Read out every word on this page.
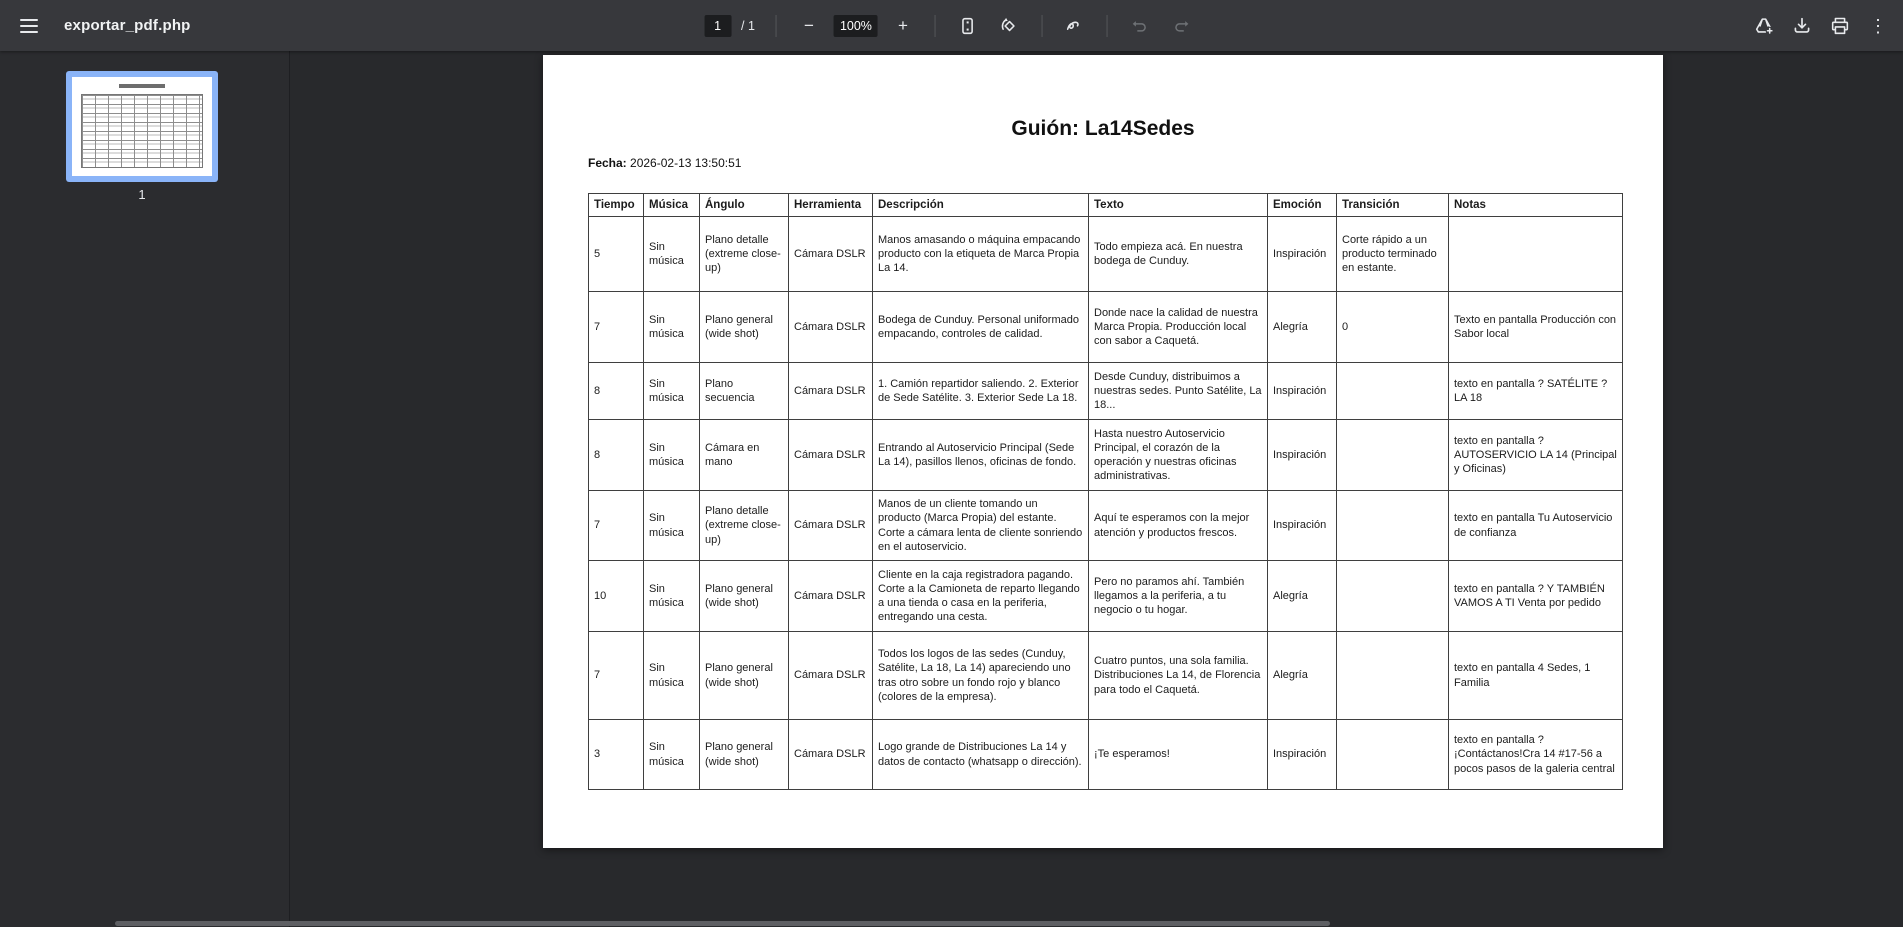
exportar_pdf.php
1	/ 1	−	100%	+	⋮
1
Guión: La14Sedes
Fecha: 2026-02-13 13:50:51
Tiempo	Música	Ángulo	Herramienta	Descripción	Texto	Emoción	Transición	Notas
5	Sin música	Plano detalle (extreme close-up)	Cámara DSLR	Manos amasando o máquina empacando producto con la etiqueta de Marca Propia La 14.	Todo empieza acá. En nuestra bodega de Cunduy.	Inspiración	Corte rápido a un producto terminado en estante.	
7	Sin música	Plano general (wide shot)	Cámara DSLR	Bodega de Cunduy. Personal uniformado empacando, controles de calidad.	Donde nace la calidad de nuestra Marca Propia. Producción local con sabor a Caquetá.	Alegría	0	Texto en pantalla Producción con Sabor local
8	Sin música	Plano secuencia	Cámara DSLR	1. Camión repartidor saliendo. 2. Exterior de Sede Satélite. 3. Exterior Sede La 18.	Desde Cunduy, distribuimos a nuestras sedes. Punto Satélite, La 18...	Inspiración		texto en pantalla ? SATÉLITE ? LA 18
8	Sin música	Cámara en mano	Cámara DSLR	Entrando al Autoservicio Principal (Sede La 14), pasillos llenos, oficinas de fondo.	Hasta nuestro Autoservicio Principal, el corazón de la operación y nuestras oficinas administrativas.	Inspiración		texto en pantalla ? AUTOSERVICIO LA 14 (Principal y Oficinas)
7	Sin música	Plano detalle (extreme close-up)	Cámara DSLR	Manos de un cliente tomando un producto (Marca Propia) del estante. Corte a cámara lenta de cliente sonriendo en el autoservicio.	Aquí te esperamos con la mejor atención y productos frescos.	Inspiración		texto en pantalla Tu Autoservicio de confianza
10	Sin música	Plano general (wide shot)	Cámara DSLR	Cliente en la caja registradora pagando. Corte a la Camioneta de reparto llegando a una tienda o casa en la periferia, entregando una cesta.	Pero no paramos ahí. También llegamos a la periferia, a tu negocio o tu hogar.	Alegría		texto en pantalla ? Y TAMBIÉN VAMOS A TI Venta por pedido
7	Sin música	Plano general (wide shot)	Cámara DSLR	Todos los logos de las sedes (Cunduy, Satélite, La 18, La 14) apareciendo uno tras otro sobre un fondo rojo y blanco (colores de la empresa).	Cuatro puntos, una sola familia. Distribuciones La 14, de Florencia para todo el Caquetá.	Alegría		texto en pantalla 4 Sedes, 1 Familia
3	Sin música	Plano general (wide shot)	Cámara DSLR	Logo grande de Distribuciones La 14 y datos de contacto (whatsapp o dirección).	¡Te esperamos!	Inspiración		texto en pantalla ? ¡Contáctanos!Cra 14 #17-56 a pocos pasos de la galeria central
